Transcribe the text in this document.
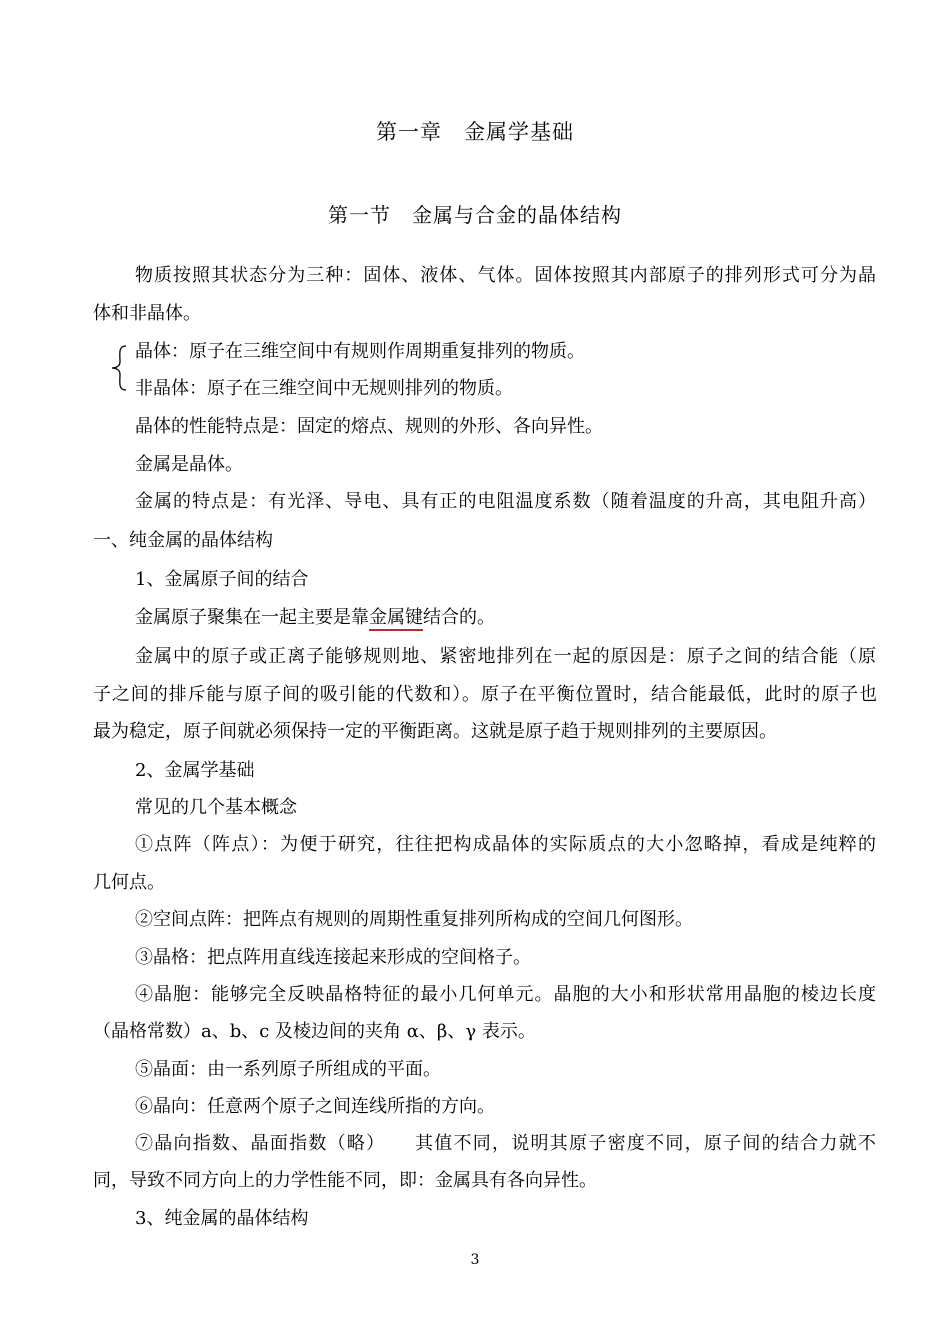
第一章　金属学基础
第一节　金属与合金的晶体结构
物质按照其状态分为三种：固体、液体、气体。固体按照其内部原子的排列形式可分为晶
体和非晶体。
晶体：原子在三维空间中有规则作周期重复排列的物质。
非晶体：原子在三维空间中无规则排列的物质。
晶体的性能特点是：固定的熔点、规则的外形、各向异性。
金属是晶体。
金属的特点是：有光泽、导电、具有正的电阻温度系数（随着温度的升高，其电阻升高）
一、纯金属的晶体结构
1、金属原子间的结合
金属原子聚集在一起主要是靠金属键结合的。
金属中的原子或正离子能够规则地、紧密地排列在一起的原因是：原子之间的结合能（原
子之间的排斥能与原子间的吸引能的代数和）。原子在平衡位置时，结合能最低，此时的原子也
最为稳定，原子间就必须保持一定的平衡距离。这就是原子趋于规则排列的主要原因。
2、金属学基础
常见的几个基本概念
①点阵（阵点）：为便于研究，往往把构成晶体的实际质点的大小忽略掉，看成是纯粹的
几何点。
②空间点阵：把阵点有规则的周期性重复排列所构成的空间几何图形。
③晶格：把点阵用直线连接起来形成的空间格子。
④晶胞：能够完全反映晶格特征的最小几何单元。晶胞的大小和形状常用晶胞的棱边长度
（晶格常数）a、b、c 及棱边间的夹角 α、β、γ 表示。
⑤晶面：由一系列原子所组成的平面。
⑥晶向：任意两个原子之间连线所指的方向。
⑦晶向指数、晶面指数（略）　　其值不同，说明其原子密度不同，原子间的结合力就不
同，导致不同方向上的力学性能不同，即：金属具有各向异性。
3、纯金属的晶体结构
3
